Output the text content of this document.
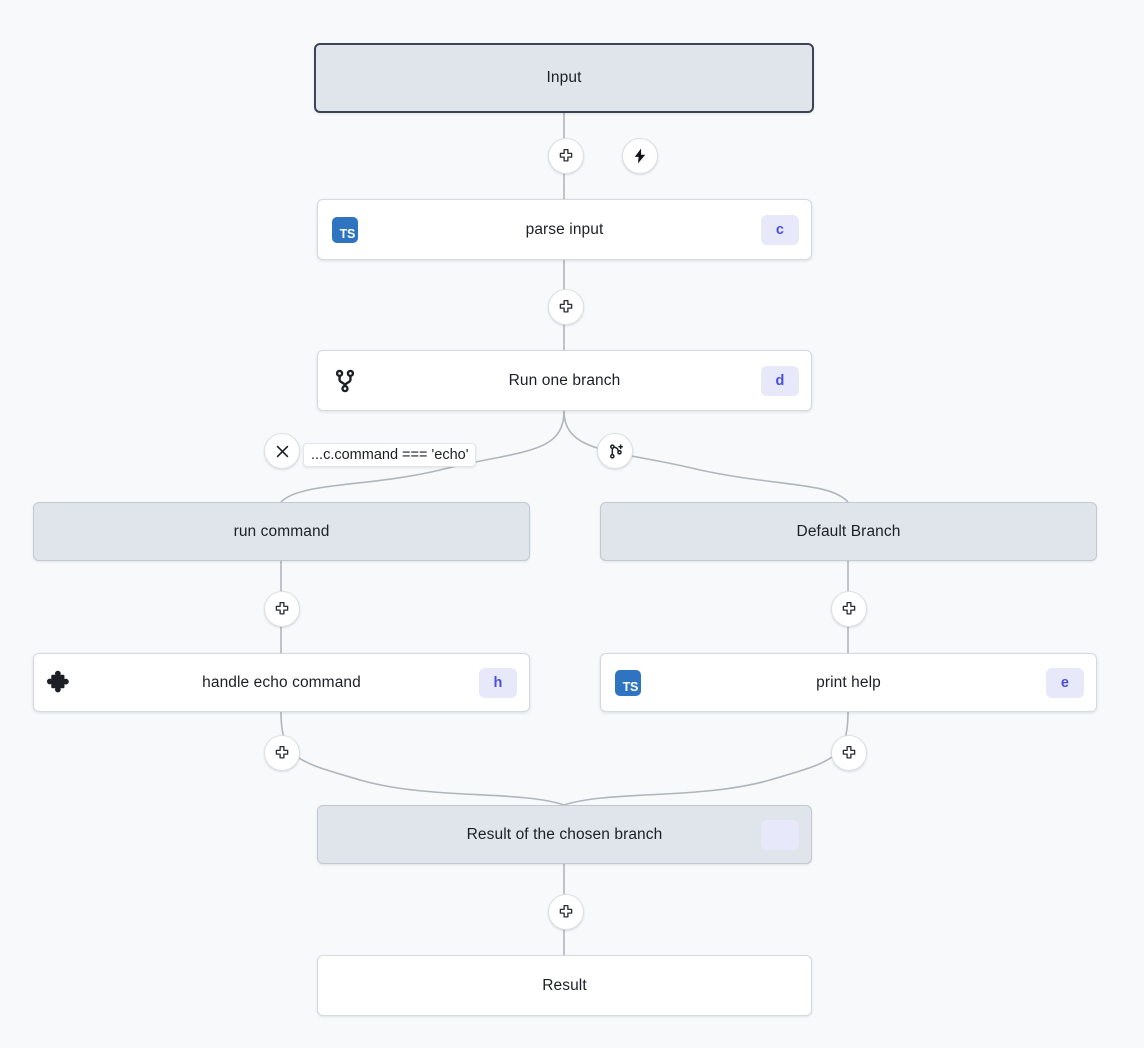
Input
TS	parse input	c
Run one branch	d
run command	Default Branch
handle echo command	h	TS	print help	e
Result of the chosen branch
Result
...c.command === 'echo'
